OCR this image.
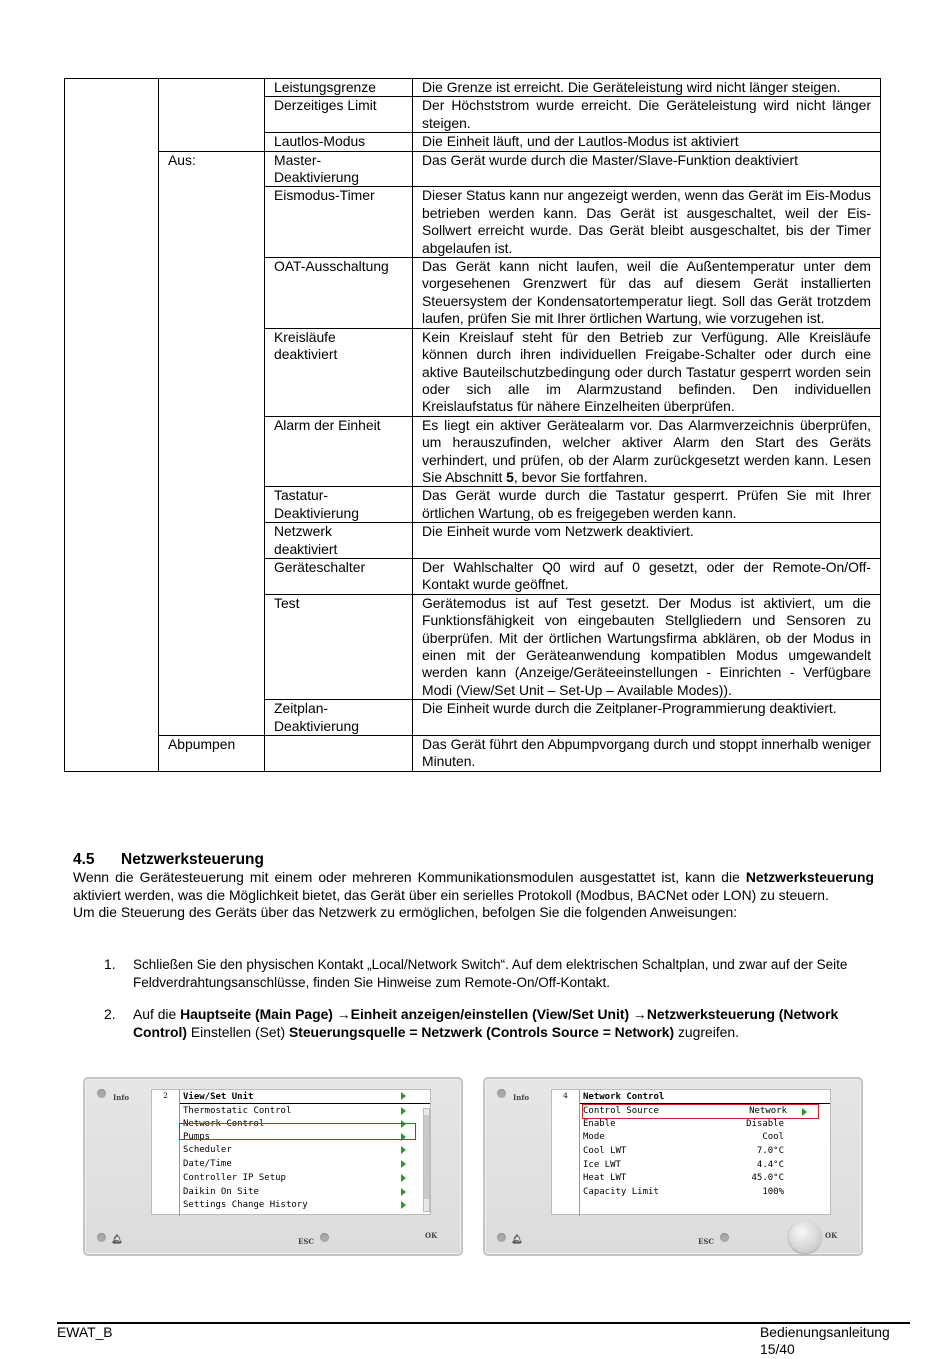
		Leistungsgrenze	Die Grenze ist erreicht. Die Geräteleistung wird nicht länger steigen.
		Derzeitiges Limit	Der Höchststrom wurde erreicht. Die Geräteleistung wird nicht länger steigen.
		Lautlos-Modus	Die Einheit läuft, und der Lautlos-Modus ist aktiviert
	Aus:	Master-Deaktivierung	Das Gerät wurde durch die Master/Slave-Funktion deaktiviert
		Eismodus-Timer	Dieser Status kann nur angezeigt werden, wenn das Gerät im Eis-Modus betrieben werden kann. Das Gerät ist ausgeschaltet, weil der Eis-Sollwert erreicht wurde. Das Gerät bleibt ausgeschaltet, bis der Timer abgelaufen ist.
		OAT-Ausschaltung	Das Gerät kann nicht laufen, weil die Außentemperatur unter dem vorgesehenen Grenzwert für das auf diesem Gerät installierten Steuersystem der Kondensatortemperatur liegt. Soll das Gerät trotzdem laufen, prüfen Sie mit Ihrer örtlichen Wartung, wie vorzugehen ist.
		Kreisläufe deaktiviert	Kein Kreislauf steht für den Betrieb zur Verfügung. Alle Kreisläufe können durch ihren individuellen Freigabe-Schalter oder durch eine aktive Bauteilschutzbedingung oder durch Tastatur gesperrt worden sein oder sich alle im Alarmzustand befinden. Den individuellen Kreislaufstatus für nähere Einzelheiten überprüfen.
		Alarm der Einheit	Es liegt ein aktiver Gerätealarm vor. Das Alarmverzeichnis überprüfen, um herauszufinden, welcher aktiver Alarm den Start des Geräts verhindert, und prüfen, ob der Alarm zurückgesetzt werden kann. Lesen Sie Abschnitt 5, bevor Sie fortfahren.
		Tastatur-Deaktivierung	Das Gerät wurde durch die Tastatur gesperrt. Prüfen Sie mit Ihrer örtlichen Wartung, ob es freigegeben werden kann.
		Netzwerk deaktiviert	Die Einheit wurde vom Netzwerk deaktiviert.
		Geräteschalter	Der Wahlschalter Q0 wird auf 0 gesetzt, oder der Remote-On/Off-Kontakt wurde geöffnet.
		Test	Gerätemodus ist auf Test gesetzt. Der Modus ist aktiviert, um die Funktionsfähigkeit von eingebauten Stellgliedern und Sensoren zu überprüfen. Mit der örtlichen Wartungsfirma abklären, ob der Modus in einen mit der Geräteanwendung kompatiblen Modus umgewandelt werden kann (Anzeige/Geräteeinstellungen - Einrichten - Verfügbare Modi (View/Set Unit – Set-Up – Available Modes)).
		Zeitplan-Deaktivierung	Die Einheit wurde durch die Zeitplaner-Programmierung deaktiviert.
	Abpumpen		Das Gerät führt den Abpumpvorgang durch und stoppt innerhalb weniger Minuten.
4.5 Netzwerksteuerung
Wenn die Gerätesteuerung mit einem oder mehreren Kommunikationsmodulen ausgestattet ist, kann die Netzwerksteuerung aktiviert werden, was die Möglichkeit bietet, das Gerät über ein serielles Protokoll (Modbus, BACNet oder LON) zu steuern.
Um die Steuerung des Geräts über das Netzwerk zu ermöglichen, befolgen Sie die folgenden Anweisungen:
1. Schließen Sie den physischen Kontakt „Local/Network Switch“. Auf dem elektrischen Schaltplan, und zwar auf der Seite Feldverdrahtungsanschlüsse, finden Sie Hinweise zum Remote-On/Off-Kontakt.
2. Auf die Hauptseite (Main Page) →Einheit anzeigen/einstellen (View/Set Unit) →Netzwerksteuerung (Network Control) Einstellen (Set) Steuerungsquelle = Netzwerk (Controls Source = Network) zugreifen.
Info	2	View/Set Unit
Thermostatic Control
Network Control
Pumps
Scheduler
Date/Time
Controller IP Setup
Daikin On Site
Settings Change History
🔔︎	ESC
OK
Info	4	Network Control
Control Source	Network
Enable	Disable
Mode	Cool
Cool LWT	7.0°C
Ice LWT	4.4°C
Heat LWT	45.0°C
Capacity Limit	100%
🔔︎	ESC
OK
EWAT_B	Bedienungsanleitung
15/40
